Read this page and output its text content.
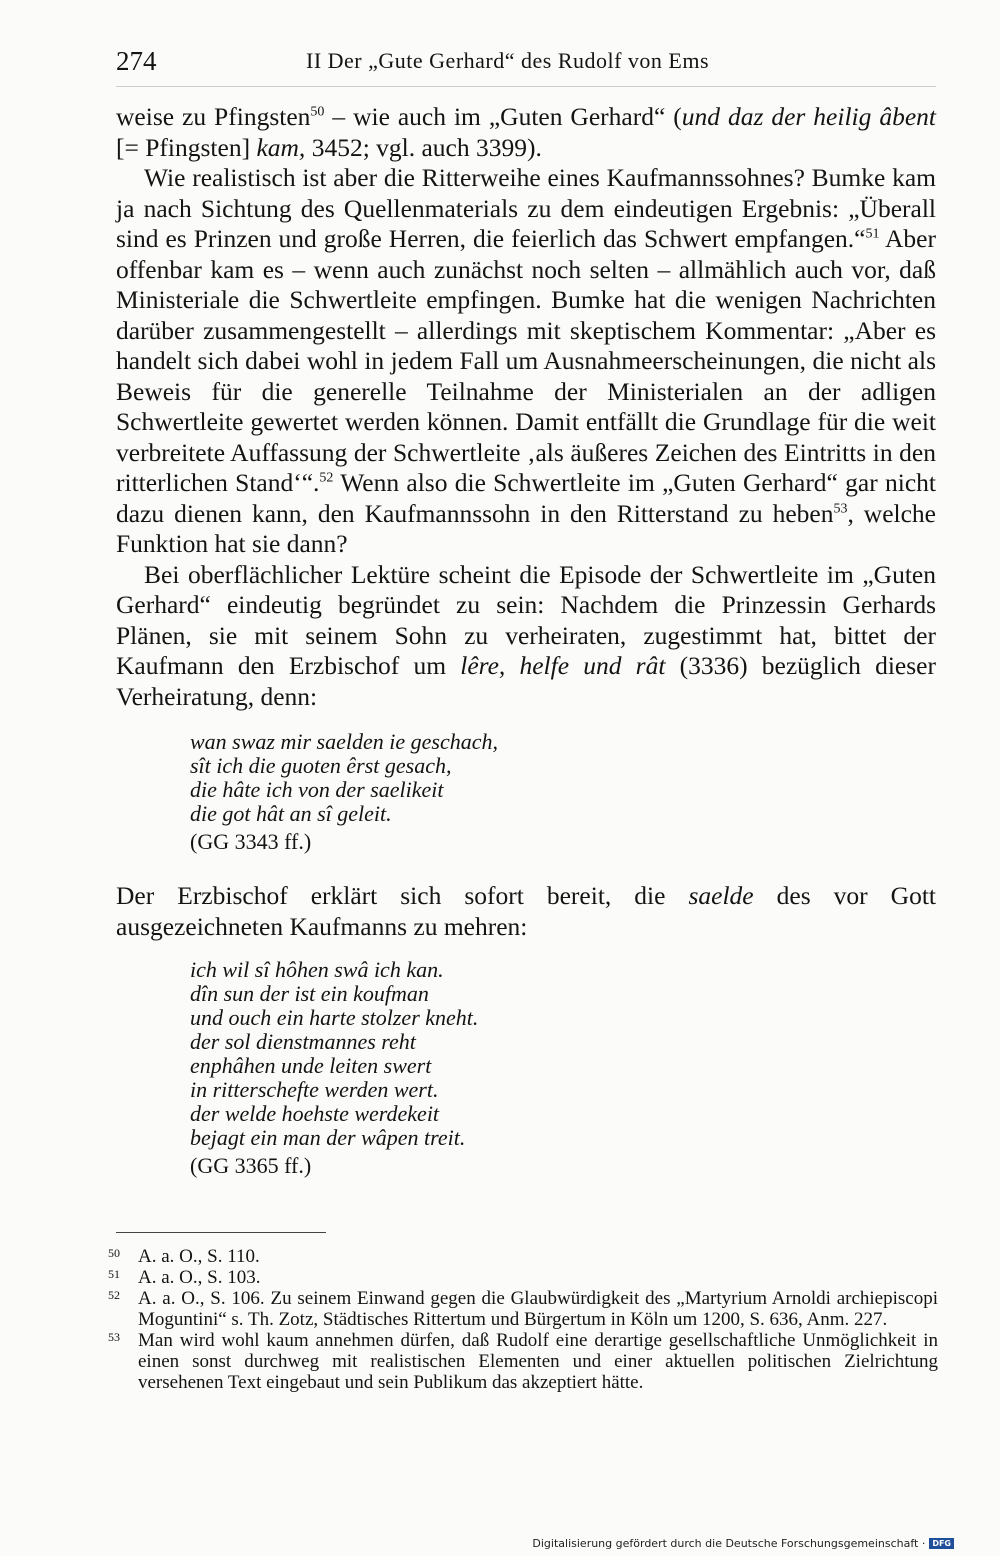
274	II Der „Gute Gerhard“ des Rudolf von Ems

weise zu Pfingsten$^{50}$ – wie auch im „Guten Gerhard“ (und daz der heilig âbent [= Pfingsten] kam, 3452; vgl. auch 3399).

Wie realistisch ist aber die Ritterweihe eines Kaufmannssohnes? Bumke kam ja nach Sichtung des Quellenmaterials zu dem eindeutigen Ergebnis: „Überall sind es Prinzen und große Herren, die feierlich das Schwert empfangen.“$^{51}$ Aber offenbar kam es – wenn auch zunächst noch selten – allmählich auch vor, daß Ministeriale die Schwertleite empfingen. Bumke hat die wenigen Nachrichten darüber zusammengestellt – allerdings mit skeptischem Kommentar: „Aber es handelt sich dabei wohl in jedem Fall um Ausnahmeerscheinungen, die nicht als Beweis für die generelle Teilnahme der Ministerialen an der adligen Schwertleite gewertet werden können. Damit entfällt die Grundlage für die weit verbreitete Auffassung der Schwertleite ‚als äußeres Zeichen des Eintritts in den ritterlichen Stand‘“.$^{52}$ Wenn also die Schwertleite im „Guten Gerhard“ gar nicht dazu dienen kann, den Kaufmannssohn in den Ritterstand zu heben$^{53}$, welche Funktion hat sie dann?

Bei oberflächlicher Lektüre scheint die Episode der Schwertleite im „Guten Gerhard“ eindeutig begründet zu sein: Nachdem die Prinzessin Gerhards Plänen, sie mit seinem Sohn zu verheiraten, zugestimmt hat, bittet der Kaufmann den Erzbischof um lêre, helfe und rât (3336) bezüglich dieser Verheiratung, denn:

wan swaz mir saelden ie geschach,
sît ich die guoten êrst gesach,
die hâte ich von der saelikeit
die got hât an sî geleit.
(GG 3343 ff.)
Der Erzbischof erklärt sich sofort bereit, die saelde des vor Gott ausgezeichneten Kaufmanns zu mehren:
ich wil sî hôhen swâ ich kan.
dîn sun der ist ein koufman
und ouch ein harte stolzer kneht.
der sol dienstmannes reht
enphâhen unde leiten swert
in ritterschefte werden wert.
der welde hoehste werdekeit
bejagt ein man der wâpen treit.
(GG 3365 ff.)
50 A. a. O., S. 110.
51 A. a. O., S. 103.
52 A. a. O., S. 106. Zu seinem Einwand gegen die Glaubwürdigkeit des „Martyrium Arnoldi archiepiscopi Moguntini“ s. Th. Zotz, Städtisches Rittertum und Bürgertum in Köln um 1200, S. 636, Anm. 227.
53 Man wird wohl kaum annehmen dürfen, daß Rudolf eine derartige gesellschaftliche Unmöglichkeit in einen sonst durchweg mit realistischen Elementen und einer aktuellen politischen Zielrichtung versehenen Text eingebaut und sein Publikum das akzeptiert hätte.
Digitalisierung gefördert durch die Deutsche Forschungsgemeinschaft · DFG
